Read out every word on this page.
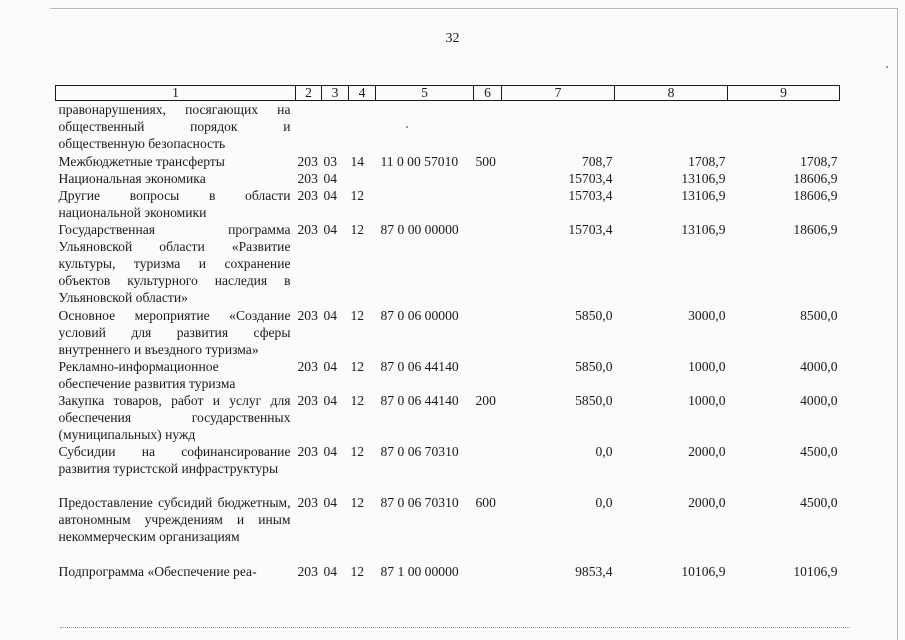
32
1	2	3	4	5	6	7	8	9
правонарушениях, посягающих на общественный порядок и общественную безопасность								
Межбюджетные трансферты	203	03	14	11 0 00 57010	500	708,7	1708,7	1708,7
Национальная экономика	203	04				15703,4	13106,9	18606,9
Другие вопросы в области национальной экономики	203	04	12			15703,4	13106,9	18606,9
Государственная программа Ульяновской области «Развитие культуры, туризма и сохранение объектов культурного наследия в Ульяновской области»	203	04	12	87 0 00 00000		15703,4	13106,9	18606,9
Основное мероприятие «Создание условий для развития сферы внутреннего и въездного туризма»	203	04	12	87 0 06 00000		5850,0	3000,0	8500,0
Рекламно-информационное обеспечение развития туризма	203	04	12	87 0 06 44140		5850,0	1000,0	4000,0
Закупка товаров, работ и услуг для обеспечения государственных (муниципальных) нужд	203	04	12	87 0 06 44140	200	5850,0	1000,0	4000,0
Субсидии на софинансирование развития туристской инфраструктуры	203	04	12	87 0 06 70310		0,0	2000,0	4500,0
Предоставление субсидий бюджетным, автономным учреждениям и иным некоммерческим организациям	203	04	12	87 0 06 70310	600	0,0	2000,0	4500,0
Подпрограмма «Обеспечение реа-	203	04	12	87 1 00 00000		9853,4	10106,9	10106,9
